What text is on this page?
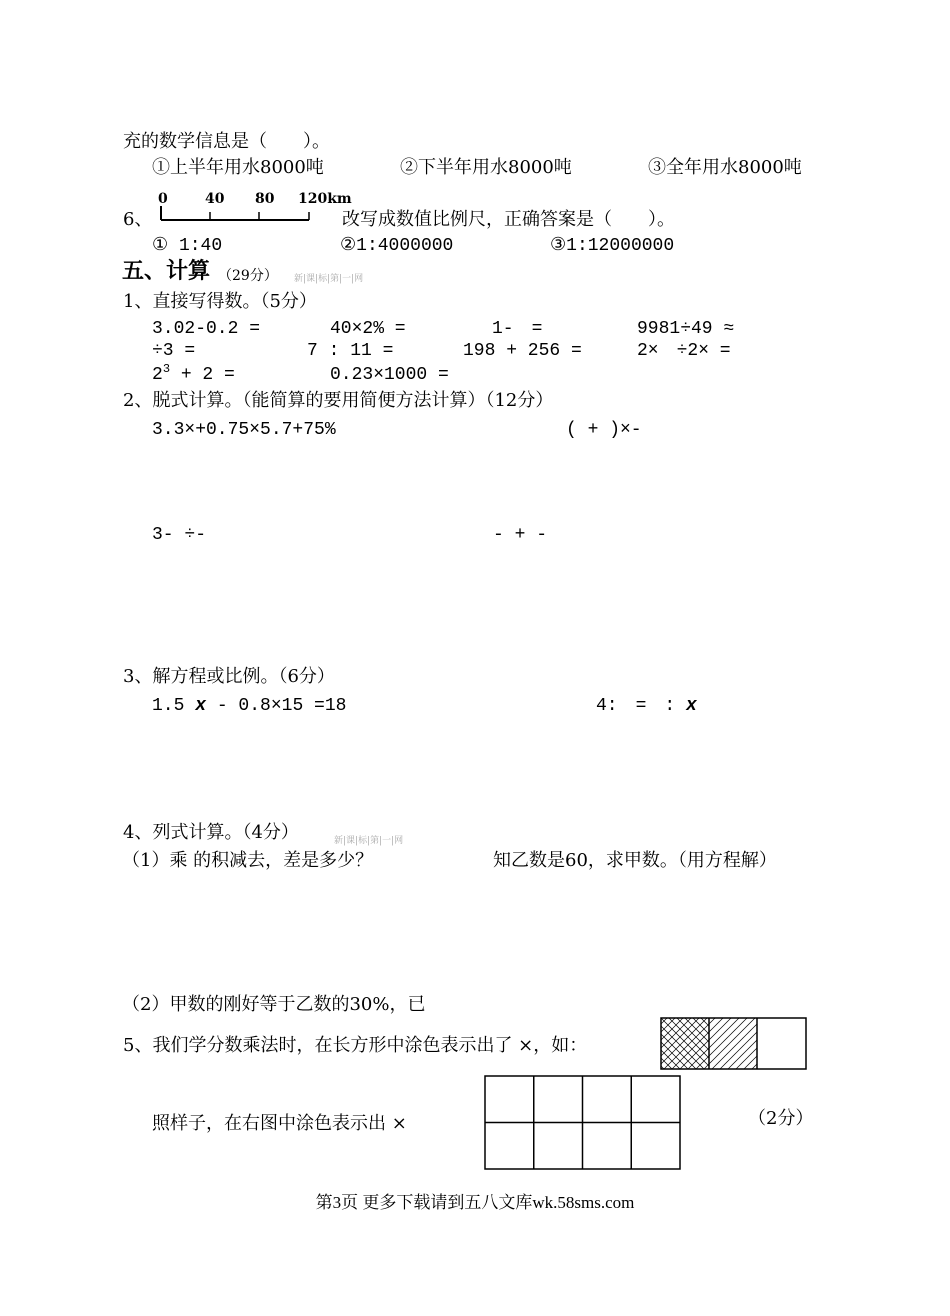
充的数学信息是（　　）。
①上半年用水8000吨	②下半年用水8000吨	③全年用水8000吨
6、
0	40 80 120km
改写成数值比例尺，正确答案是（　　）。
① 1:40	②1:4000000	③1:12000000
五、计算 （29分） 新|课|标|第|一|网
1、直接写得数。（5分）
3.02-0.2 =	40×2% =	1-　=	9981÷49 ≈
÷3 =	7 : 11 =	198 + 256 =	2×　÷2× =
$2^3 + 2$ =	0.23×1000 =
2、脱式计算。（能简算的要用简便方法计算）（12分）
3.3×+0.75×5.7+75%	( + )×-
3- ÷-	- + -
3、解方程或比例。（6分）
1.5 x - 0.8×15 =18	4:　=　: x
4、列式计算。（4分）	新|课|标|第|一|网
（1）乘 的积减去，差是多少？	知乙数是60，求甲数。（用方程解）
（2）甲数的刚好等于乙数的30%，已
5、我们学分数乘法时，在长方形中涂色表示出了 ×，如：
照样子，在右图中涂色表示出 ×	（2分）
第3页 更多下载请到五八文库wk.58sms.com
